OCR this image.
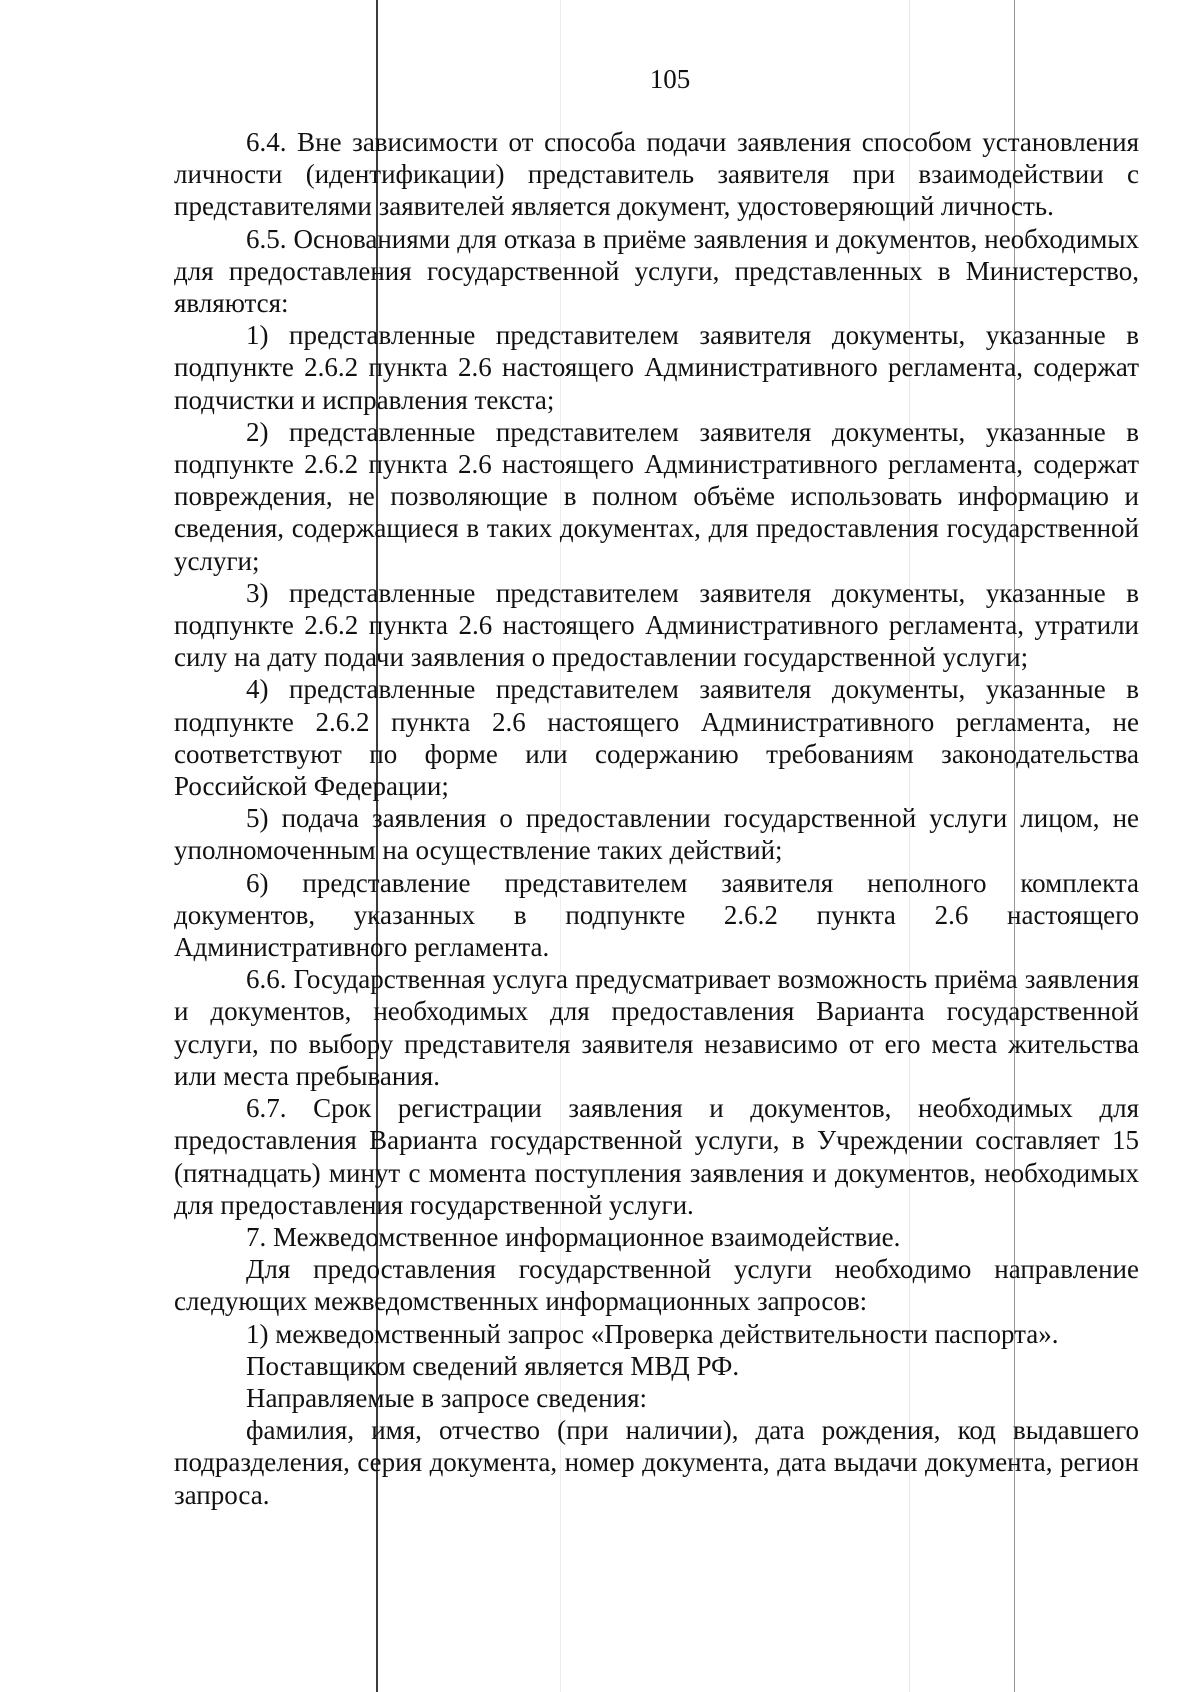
105

6.4. Вне зависимости от способа подачи заявления способом установления личности (идентификации) представитель заявителя при взаимодействии с представителями заявителей является документ, удостоверяющий личность.

6.5. Основаниями для отказа в приёме заявления и документов, необходимых для предоставления государственной услуги, представленных в Министерство, являются:

1) представленные представителем заявителя документы, указанные в подпункте 2.6.2 пункта 2.6 настоящего Административного регламента, содержат подчистки и исправления текста;

2) представленные представителем заявителя документы, указанные в подпункте 2.6.2 пункта 2.6 настоящего Административного регламента, содержат повреждения, не позволяющие в полном объёме использовать информацию и сведения, содержащиеся в таких документах, для предоставления государственной услуги;

3) представленные представителем заявителя документы, указанные в подпункте 2.6.2 пункта 2.6 настоящего Административного регламента, утратили силу на дату подачи заявления о предоставлении государственной услуги;

4) представленные представителем заявителя документы, указанные в подпункте 2.6.2 пункта 2.6 настоящего Административного регламента, не соответствуют по форме или содержанию требованиям законодательства Российской Федерации;

5) подача заявления о предоставлении государственной услуги лицом, не уполномоченным на осуществление таких действий;

6) представление представителем заявителя неполного комплекта документов, указанных в подпункте 2.6.2 пункта 2.6 настоящего Административного регламента.

6.6. Государственная услуга предусматривает возможность приёма заявления и документов, необходимых для предоставления Варианта государственной услуги, по выбору представителя заявителя независимо от его места жительства или места пребывания.

6.7. Срок регистрации заявления и документов, необходимых для предоставления Варианта государственной услуги, в Учреждении составляет 15 (пятнадцать) минут с момента поступления заявления и документов, необходимых для предоставления государственной услуги.

7. Межведомственное информационное взаимодействие.

Для предоставления государственной услуги необходимо направление следующих межведомственных информационных запросов:

1) межведомственный запрос «Проверка действительности паспорта».

Поставщиком сведений является МВД РФ.

Направляемые в запросе сведения:

фамилия, имя, отчество (при наличии), дата рождения, код выдавшего подразделения, серия документа, номер документа, дата выдачи документа, регион запроса.
